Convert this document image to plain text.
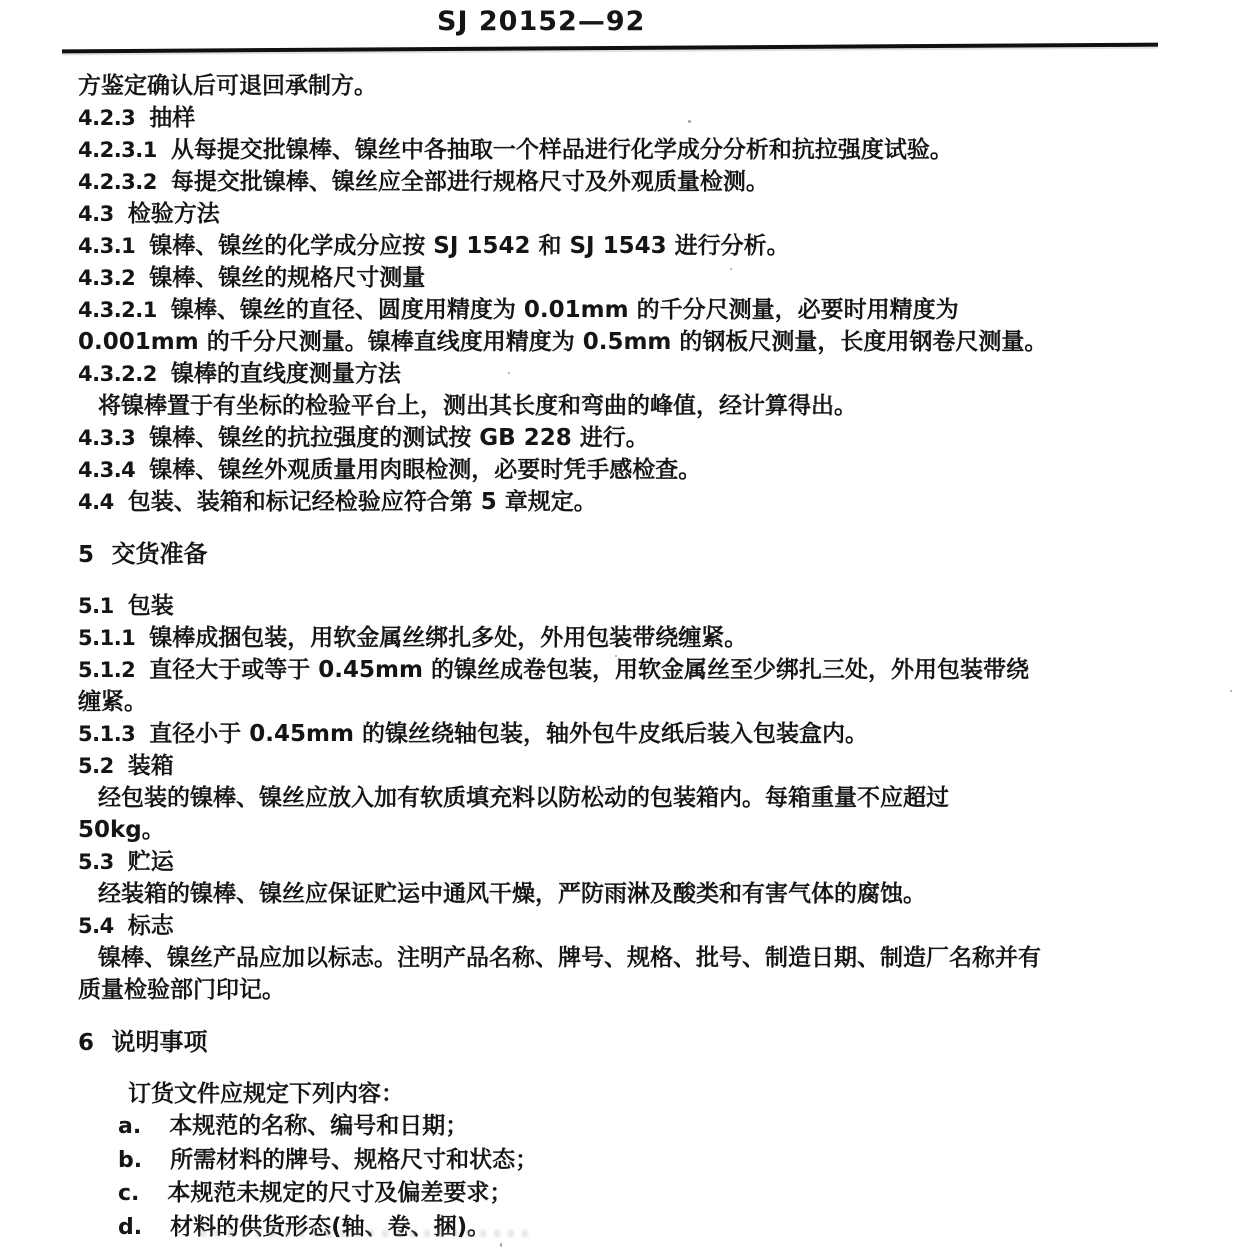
SJ 20152—92

方鉴定确认后可退回承制方。

4.2.3 抽样

4.2.3.1 从每提交批镍棒、镍丝中各抽取一个样品进行化学成分分析和抗拉强度试验。

4.2.3.2 每提交批镍棒、镍丝应全部进行规格尺寸及外观质量检测。

4.3 检验方法

4.3.1 镍棒、镍丝的化学成分应按 SJ 1542 和 SJ 1543 进行分析。

4.3.2 镍棒、镍丝的规格尺寸测量

4.3.2.1 镍棒、镍丝的直径、圆度用精度为 0.01mm 的千分尺测量，必要时用精度为

0.001mm 的千分尺测量。镍棒直线度用精度为 0.5mm 的钢板尺测量，长度用钢卷尺测量。

4.3.2.2 镍棒的直线度测量方法

将镍棒置于有坐标的检验平台上，测出其长度和弯曲的峰值，经计算得出。

4.3.3 镍棒、镍丝的抗拉强度的测试按 GB 228 进行。

4.3.4 镍棒、镍丝外观质量用肉眼检测，必要时凭手感检查。

4.4 包装、装箱和标记经检验应符合第 5 章规定。

5 交货准备

5.1 包装

5.1.1 镍棒成捆包装，用软金属丝绑扎多处，外用包装带绕缠紧。

5.1.2 直径大于或等于 0.45mm 的镍丝成卷包装，用软金属丝至少绑扎三处，外用包装带绕

缠紧。

5.1.3 直径小于 0.45mm 的镍丝绕轴包装，轴外包牛皮纸后装入包装盒内。

5.2 装箱

经包装的镍棒、镍丝应放入加有软质填充料以防松动的包装箱内。每箱重量不应超过

50kg。

5.3 贮运

经装箱的镍棒、镍丝应保证贮运中通风干燥，严防雨淋及酸类和有害气体的腐蚀。

5.4 标志

镍棒、镍丝产品应加以标志。注明产品名称、牌号、规格、批号、制造日期、制造厂名称并有

质量检验部门印记。

6 说明事项

订货文件应规定下列内容：

a. 本规范的名称、编号和日期；

b. 所需材料的牌号、规格尺寸和状态；

c. 本规范未规定的尺寸及偏差要求；

d. 材料的供货形态(轴、卷、捆)。
